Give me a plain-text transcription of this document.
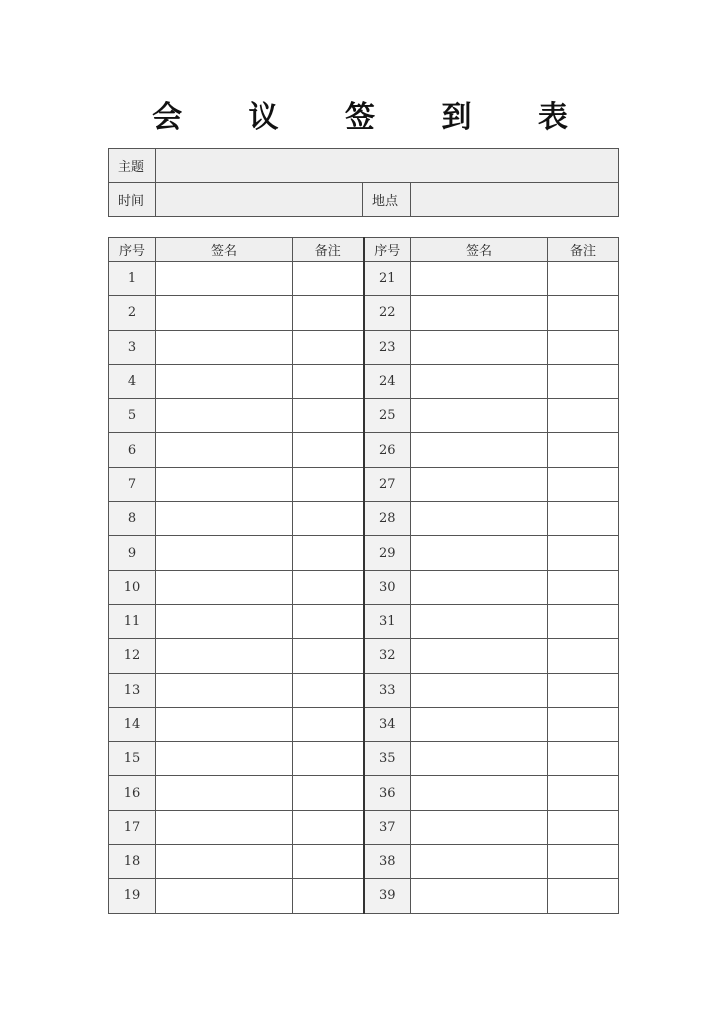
会 议 签 到 表
主题			
时间		地点	
序号	签名	备注	序号	签名	备注
1			21		
2			22		
3			23		
4			24		
5			25		
6			26		
7			27		
8			28		
9			29		
10			30		
11			31		
12			32		
13			33		
14			34		
15			35		
16			36		
17			37		
18			38		
19			39		
